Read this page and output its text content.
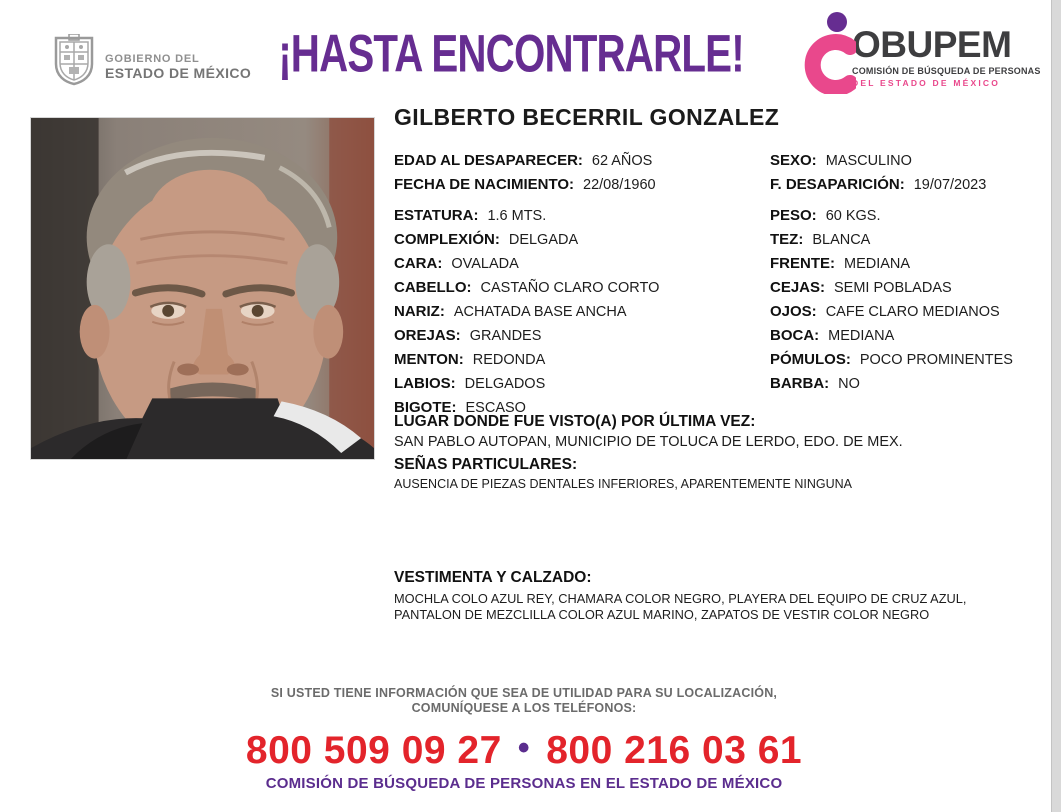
GOBIERNO DEL
ESTADO DE MÉXICO ¡HASTA ENCONTRARLE!	OBUPEM
COMISIÓN DE BÚSQUEDA DE PERSONAS
DEL ESTADO DE MÉXICO
GILBERTO BECERRIL GONZALEZ
EDAD AL DESAPARECER: 62 AÑOS
FECHA DE NACIMIENTO: 22/08/1960
ESTATURA: 1.6 MTS.
COMPLEXIÓN: DELGADA
CARA: OVALADA
CABELLO: CASTAÑO CLARO CORTO
NARIZ: ACHATADA BASE ANCHA
OREJAS: GRANDES
MENTON: REDONDA
LABIOS: DELGADOS
BIGOTE: ESCASO
SEXO: MASCULINO
F. DESAPARICIÓN: 19/07/2023
PESO: 60 KGS.
TEZ: BLANCA
FRENTE: MEDIANA
CEJAS: SEMI POBLADAS
OJOS: CAFE CLARO MEDIANOS
BOCA: MEDIANA
PÓMULOS: POCO PROMINENTES
BARBA: NO
LUGAR DONDE FUE VISTO(A) POR ÚLTIMA VEZ:
SAN PABLO AUTOPAN, MUNICIPIO DE TOLUCA DE LERDO, EDO. DE MEX.
SEÑAS PARTICULARES:
AUSENCIA DE PIEZAS DENTALES INFERIORES, APARENTEMENTE NINGUNA
VESTIMENTA Y CALZADO:
MOCHLA COLO AZUL REY, CHAMARA COLOR NEGRO, PLAYERA DEL EQUIPO DE CRUZ AZUL, PANTALON DE MEZCLILLA COLOR AZUL MARINO, ZAPATOS DE VESTIR COLOR NEGRO
SI USTED TIENE INFORMACIÓN QUE SEA DE UTILIDAD PARA SU LOCALIZACIÓN,
COMUNÍQUESE A LOS TELÉFONOS:
800 509 09 27 • 800 216 03 61
COMISIÓN DE BÚSQUEDA DE PERSONAS EN EL ESTADO DE MÉXICO
